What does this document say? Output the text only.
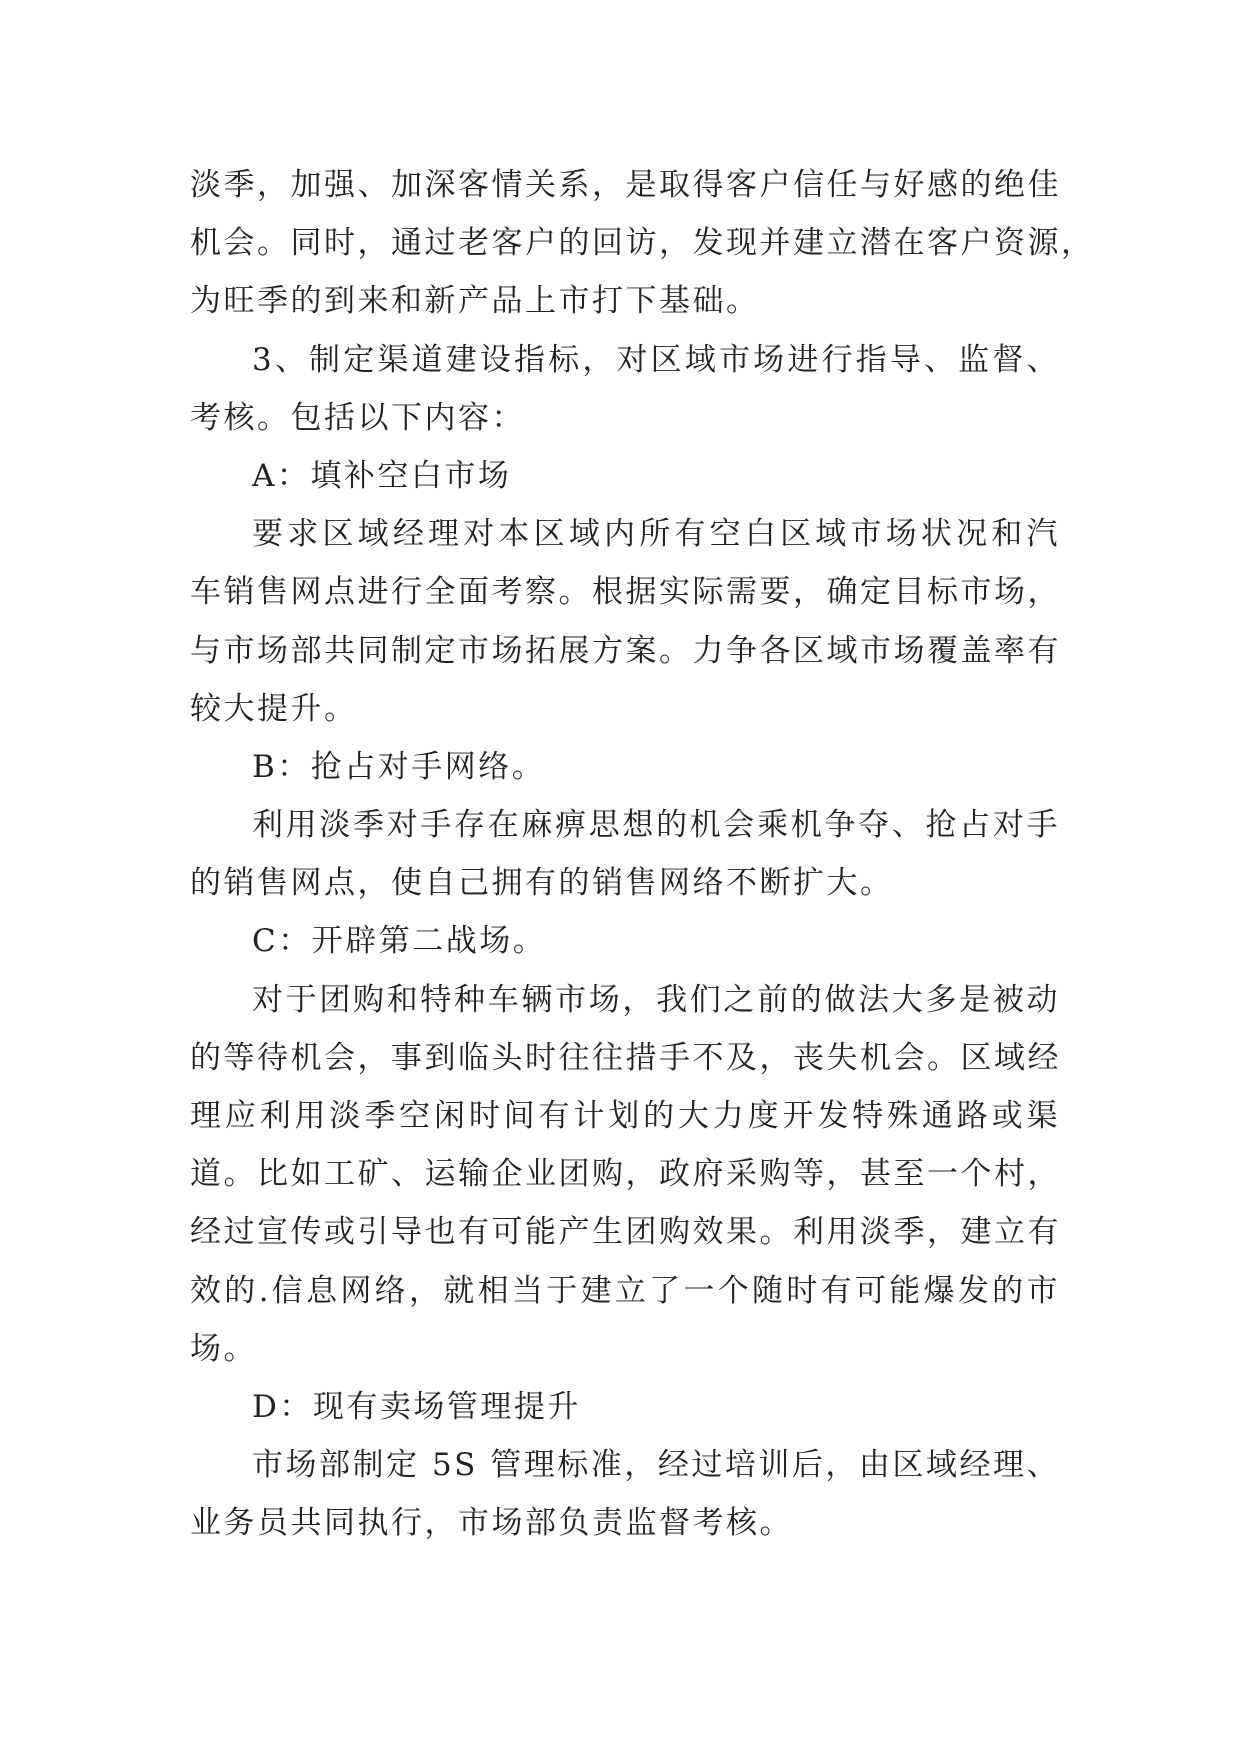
淡季，加强、加深客情关系，是取得客户信任与好感的绝佳
机会。同时，通过老客户的回访，发现并建立潜在客户资源，
为旺季的到来和新产品上市打下基础。
3、制定渠道建设指标，对区域市场进行指导、监督、
考核。包括以下内容：
A：填补空白市场
要求区域经理对本区域内所有空白区域市场状况和汽
车销售网点进行全面考察。根据实际需要，确定目标市场，
与市场部共同制定市场拓展方案。力争各区域市场覆盖率有
较大提升。
B：抢占对手网络。
利用淡季对手存在麻痹思想的机会乘机争夺、抢占对手
的销售网点，使自己拥有的销售网络不断扩大。
C：开辟第二战场。
对于团购和特种车辆市场，我们之前的做法大多是被动
的等待机会，事到临头时往往措手不及，丧失机会。区域经
理应利用淡季空闲时间有计划的大力度开发特殊通路或渠
道。比如工矿、运输企业团购，政府采购等，甚至一个村，
经过宣传或引导也有可能产生团购效果。利用淡季，建立有
效的.信息网络，就相当于建立了一个随时有可能爆发的市
场。
D：现有卖场管理提升
市场部制定 5S 管理标准，经过培训后，由区域经理、
业务员共同执行，市场部负责监督考核。
